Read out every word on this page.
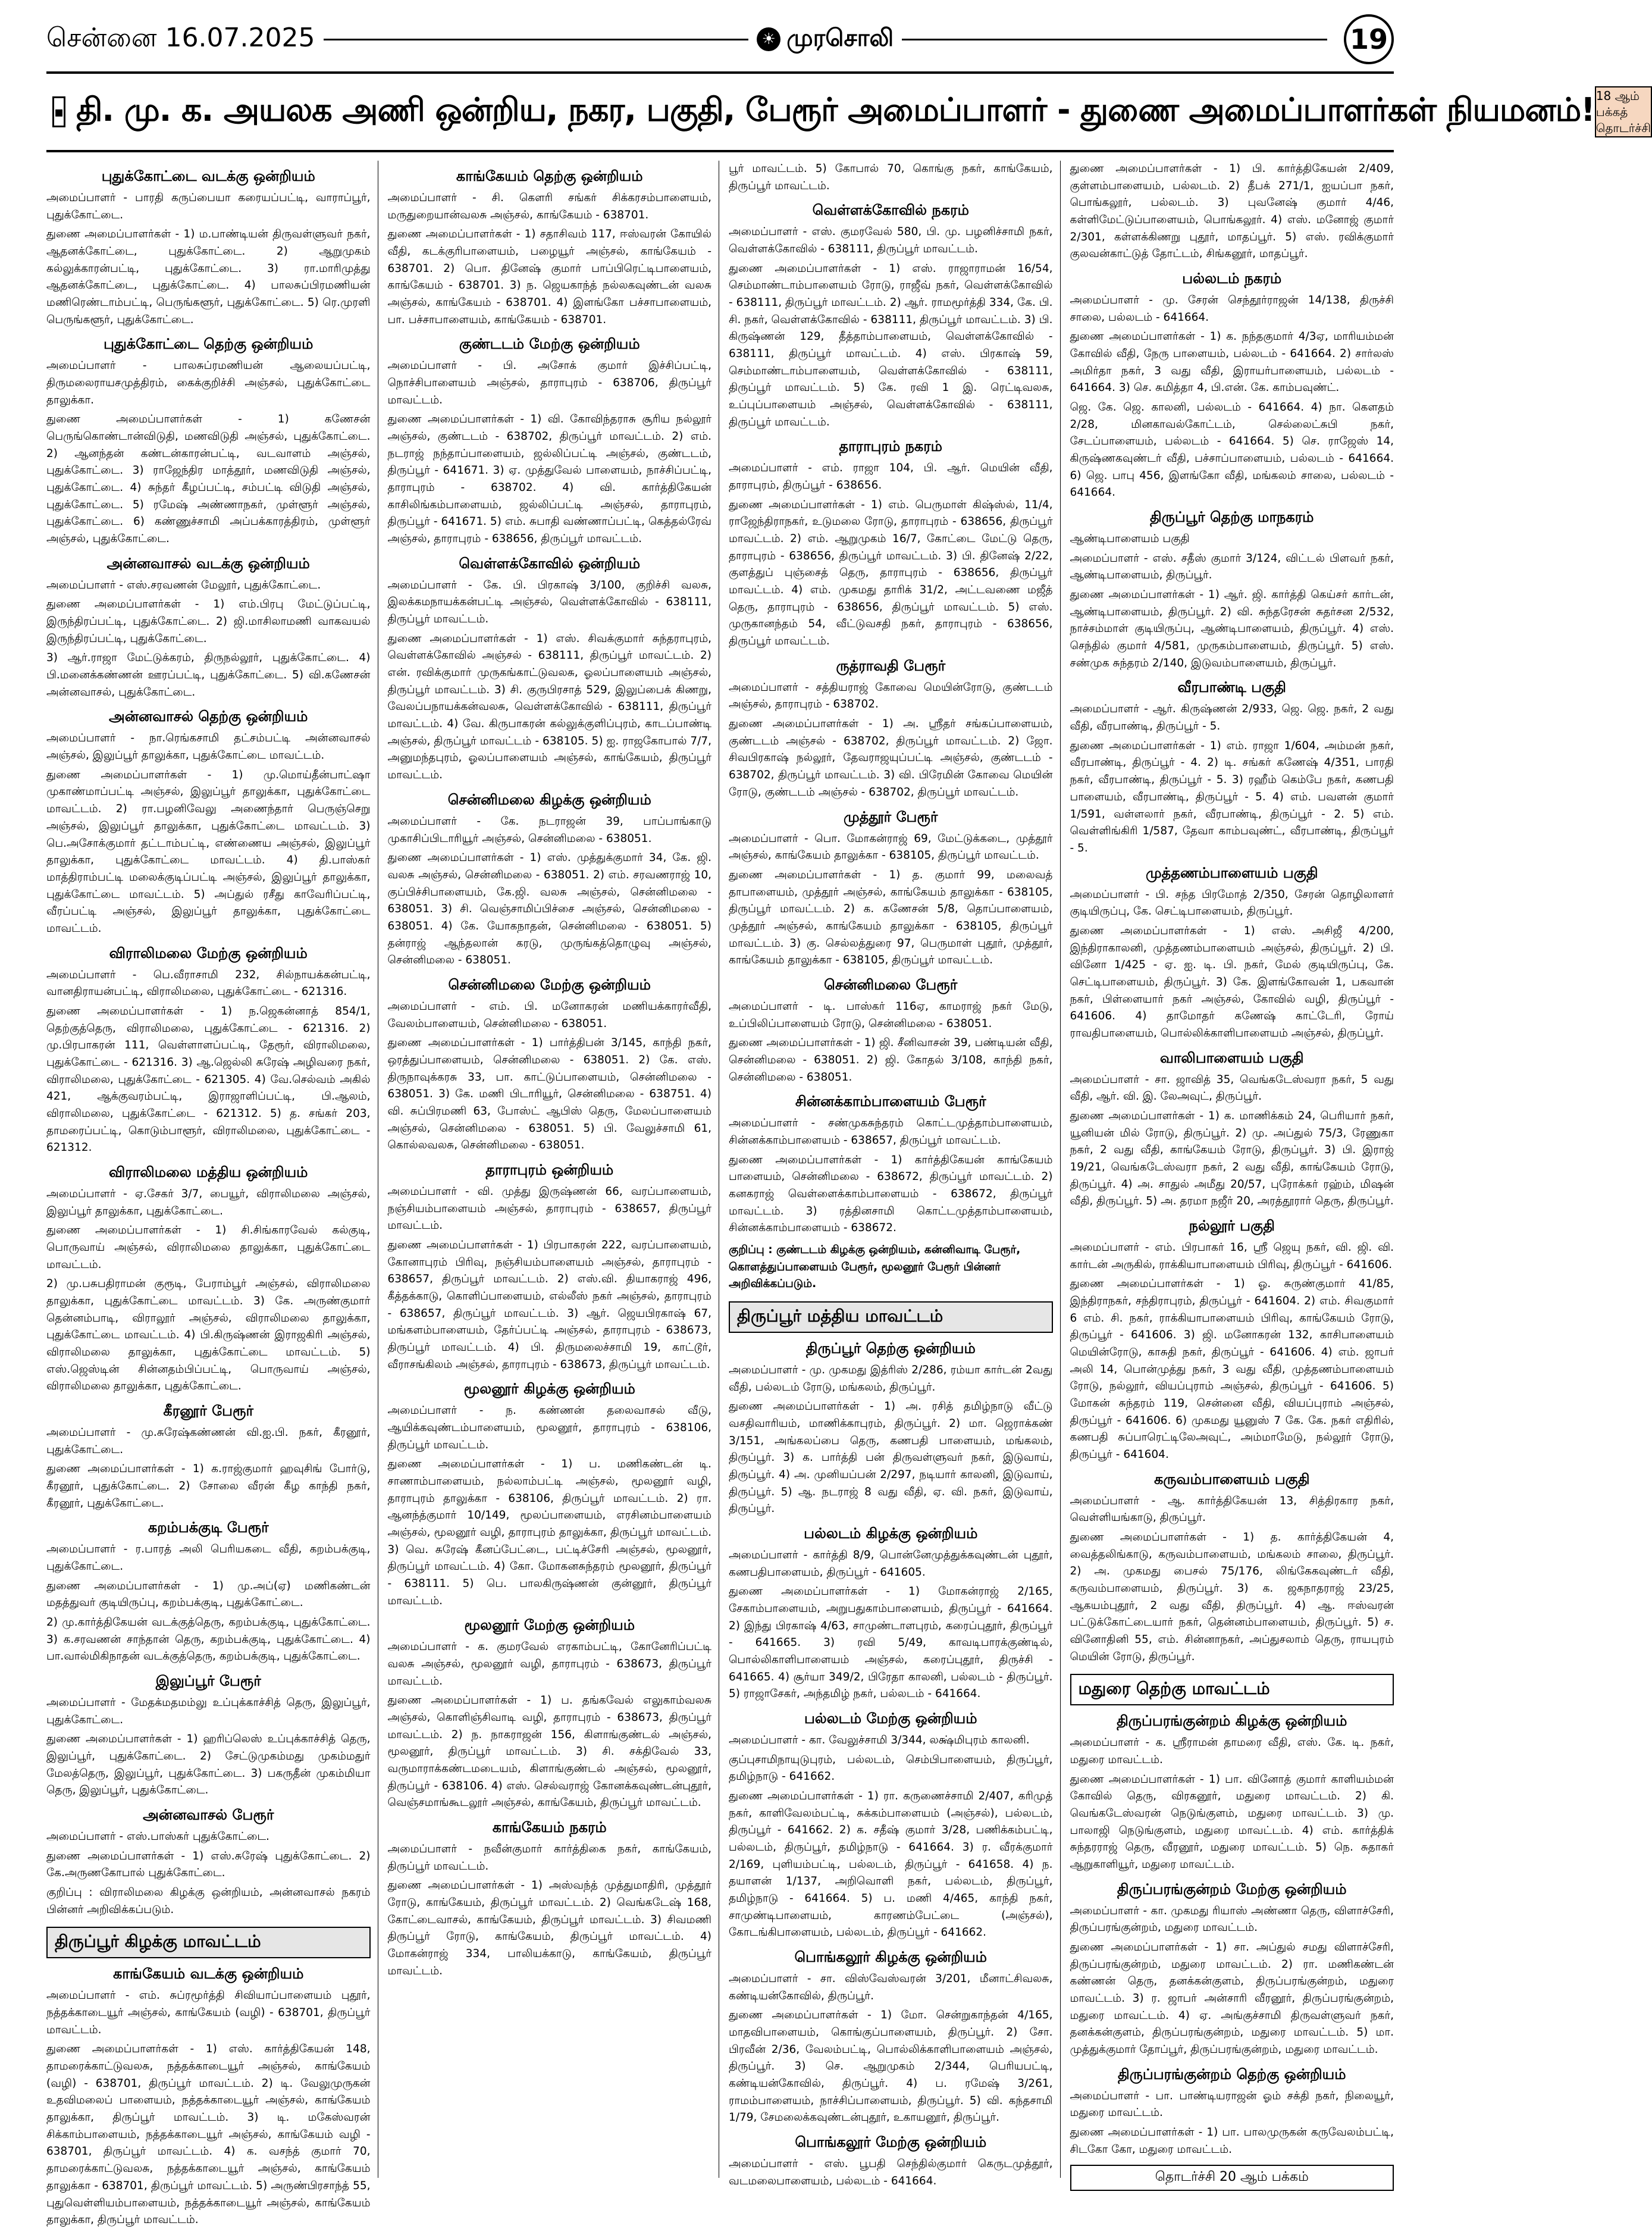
சென்னை 16.07.2025	☀ முரசொலி	19
▪ தி. மு. க. அயலக அணி ஒன்றிய, நகர, பகுதி, பேரூர் அமைப்பாளர் - துணை அமைப்பாளர்கள் நியமனம்! 18 ஆம் பக்கத்
தொடர்ச்சி
புதுக்கோட்டை வடக்கு ஒன்றியம்

அமைப்பாளர் - பாரதி கருப்பையா கரையப்பட்டி, வாராப்பூர், புதுக்கோட்டை.

துணை அமைப்பாளர்கள் - 1) ம.பாண்டியன் திருவள்ளுவர் நகர், ஆதனக்கோட்டை, புதுக்கோட்டை. 2) ஆறுமுகம் கல்லுக்காரன்பட்டி, புதுக்கோட்டை. 3) ரா.மாரிமுத்து ஆதனக்கோட்டை, புதுக்கோட்டை. 4) பாலசுப்பிரமணியன் மணிரெண்டாம்பட்டி, பெருங்களூர், புதுக்கோட்டை. 5) ரெ.முரளி பெருங்களூர், புதுக்கோட்டை.

புதுக்கோட்டை தெற்கு ஒன்றியம்

அமைப்பாளர் - பாலசுப்ரமணியன் ஆலையப்பட்டி, திருமலைராயசமுத்திரம், கைக்குறிச்சி அஞ்சல், புதுக்கோட்டை தாலுக்கா.

துணை அமைப்பாளர்கள் - 1) கணேசன் பெருங்கொண்டான்விடுதி, மணவிடுதி அஞ்சல், புதுக்கோட்டை. 2) ஆனந்தன் கண்டன்காரன்பட்டி, வடவாளம் அஞ்சல், புதுக்கோட்டை. 3) ராஜேந்திர மாத்தூர், மணவிடுதி அஞ்சல், புதுக்கோட்டை. 4) சுந்தர் கீழப்பட்டி, சம்பட்டி விடுதி அஞ்சல், புதுக்கோட்டை. 5) ரமேஷ் அண்ணாநகர், முள்ளூர் அஞ்சல், புதுக்கோட்டை. 6) கண்ணுச்சாமி அப்பக்காரத்திரம், முள்ளூர் அஞ்சல், புதுக்கோட்டை.

அன்னவாசல் வடக்கு ஒன்றியம்

அமைப்பாளர் - எஸ்.சரவணன் மேலூர், புதுக்கோட்டை.

துணை அமைப்பாளர்கள் - 1) எம்.பிரபு மேட்டுப்பட்டி, இருந்திரப்பட்டி, புதுக்கோட்டை. 2) ஜி.மாசிலாமணி வாகவயல் இருந்திரப்பட்டி, புதுக்கோட்டை.

3) ஆர்.ராஜா மேட்டுக்கரம், திருநல்லூர், புதுக்கோட்டை. 4) பி.மனைக்கண்ணன் ஊரப்பட்டி, புதுக்கோட்டை. 5) வி.கணேசன் அன்னவாசல், புதுக்கோட்டை.

அன்னவாசல் தெற்கு ஒன்றியம்

அமைப்பாளர் - நா.ரெங்கசாமி தட்சம்பட்டி அன்னவாசல் அஞ்சல், இலுப்பூர் தாலுக்கா, புதுக்கோட்டை மாவட்டம்.

துணை அமைப்பாளர்கள் - 1) மு.மொய்தீன்பாட்ஷா முகாண்மாப்பட்டி அஞ்சல், இலுப்பூர் தாலுக்கா, புதுக்கோட்டை மாவட்டம். 2) ரா.பழனிவேலு அணைந்தார் பெருஞ்செறு அஞ்சல், இலுப்பூர் தாலுக்கா, புதுக்கோட்டை மாவட்டம். 3) பெ.அசோக்குமார் தட்டாம்பட்டி, எண்ணைய அஞ்சல், இலுப்பூர் தாலுக்கா, புதுக்கோட்டை மாவட்டம். 4) தி.பாஸ்கர் மாத்திராம்பட்டி மலைக்குடிப்பட்டி அஞ்சல், இலுப்பூர் தாலுக்கா, புதுக்கோட்டை மாவட்டம். 5) அப்துல் ரசீது காவேரிப்பட்டி, வீரப்பட்டி அஞ்சல், இலுப்பூர் தாலுக்கா, புதுக்கோட்டை மாவட்டம்.

விராலிமலை மேற்கு ஒன்றியம்

அமைப்பாளர் - பெ.வீராசாமி 232, சில்நாயக்கன்பட்டி, வானதிராயன்பட்டி, விராலிமலை, புதுக்கோட்டை - 621316.

துணை அமைப்பாளர்கள் - 1) ந.ஜெகன்னாத் 854/1, தெற்குத்தெரு, விராலிமலை, புதுக்கோட்டை - 621316. 2) மு.பிரபாகரன் 111, வெள்ளாளப்பட்டி, தேரூர், விராலிமலை, புதுக்கோட்டை - 621316. 3) ஆ.ஜெல்லி சுரேஷ் அழிவரை நகர், விராலிமலை, புதுக்கோட்டை - 621305. 4) வே.செல்வம் அகில் 421, ஆக்குவரம்பட்டி, இராஜாளிப்பட்டி, பி.ஆலம், விராலிமலை, புதுக்கோட்டை - 621312. 5) த. சங்கர் 203, தாமரைப்பட்டி, கொடும்பாளூர், விராலிமலை, புதுக்கோட்டை - 621312.

விராலிமலை மத்திய ஒன்றியம்

அமைப்பாளர் - ஏ.சேகர் 3/7, பையூர், விராலிமலை அஞ்சல், இலுப்பூர் தாலுக்கா, புதுக்கோட்டை.

துணை அமைப்பாளர்கள் - 1) சி.சிங்காரவேல் கல்குடி, பொருவாய் அஞ்சல், விராலிமலை தாலுக்கா, புதுக்கோட்டை மாவட்டம்.

2) மு.பசுபதிராமன் குரூடி, பேராம்பூர் அஞ்சல், விராலிமலை தாலுக்கா, புதுக்கோட்டை மாவட்டம். 3) கே. அருண்குமார் தென்னம்பாடி, விராலூர் அஞ்சல், விராலிமலை தாலுக்கா, புதுக்கோட்டை மாவட்டம். 4) பி.கிருஷ்ணன் இராஜகிரி அஞ்சல், விராலிமலை தாலுக்கா, புதுக்கோட்டை மாவட்டம். 5) எஸ்.ஜெஸ்டின் சின்னதம்பிப்பட்டி, பொருவாய் அஞ்சல், விராலிமலை தாலுக்கா, புதுக்கோட்டை.

கீரனூர் பேரூர்

அமைப்பாளர் - மு.சுரேஷ்கண்ணன் வி.ஐ.பி. நகர், கீரனூர், புதுக்கோட்டை.

துணை அமைப்பாளர்கள் - 1) க.ராஜ்குமார் ஹவுசிங் போர்டு, கீரனூர், புதுக்கோட்டை. 2) சோலை வீரன் கீழ காந்தி நகர், கீரனூர், புதுக்கோட்டை.

கறம்பக்குடி பேரூர்

அமைப்பாளர் - ர.பாரத் அலி பெரியகடை வீதி, கறம்பக்குடி, புதுக்கோட்டை.

துணை அமைப்பாளர்கள் - 1) மு.அப்(ஏ) மணிகண்டன் மதத்துவர் குடியிருப்பு, கறம்பக்குடி, புதுக்கோட்டை.

2) மு.கார்த்திகேயன் வடக்குத்தெரு, கறம்பக்குடி, புதுக்கோட்டை. 3) க.சரவணன் சாந்தான் தெரு, கறம்பக்குடி, புதுக்கோட்டை. 4) பா.வால்மிகிநாதன் வடக்குத்தெரு, கறம்பக்குடி, புதுக்கோட்டை.

இலுப்பூர் பேரூர்

அமைப்பாளர் - மேதக்மதமம்லு உப்புக்காச்சித் தெரு, இலுப்பூர், புதுக்கோட்டை.

துணை அமைப்பாளர்கள் - 1) ஹரிப்லெஸ் உப்புக்காச்சித் தெரு, இலுப்பூர், புதுக்கோட்டை. 2) சேட்டுமுகம்மது முகம்மதுர் மேலத்தெரு, இலுப்பூர், புதுக்கோட்டை. 3) பகருதீன் முகம்மியா தெரு, இலுப்பூர், புதுக்கோட்டை.

அன்னவாசல் பேரூர்

அமைப்பாளர் - எஸ்.பாஸ்கர் புதுக்கோட்டை.

துணை அமைப்பாளர்கள் - 1) எஸ்.சுரேஷ் புதுக்கோட்டை. 2) கே.அருணகோபால் புதுக்கோட்டை.

குறிப்பு : விராலிமலை கிழக்கு ஒன்றியம், அன்னவாசல் நகரம் பின்னர் அறிவிக்கப்படும்.

திருப்பூர் கிழக்கு மாவட்டம்
காங்கேயம் வடக்கு ஒன்றியம்

அமைப்பாளர் - எம். சுப்ரமூர்த்தி சிவியாப்பாளையம் புதூர், நத்தக்காடையூர் அஞ்சல், காங்கேயம் (வழி) - 638701, திருப்பூர் மாவட்டம்.

துணை அமைப்பாளர்கள் - 1) எஸ். கார்த்திகேயன் 148, தாமரைக்காட்டுவலசு, நத்தக்காடையூர் அஞ்சல், காங்கேயம் (வழி) - 638701, திருப்பூர் மாவட்டம். 2) டி. வேலுமுருகன் உதவிமலைப் பாளையம், நத்தக்காடையூர் அஞ்சல், காங்கேயம் தாலுக்கா, திருப்பூர் மாவட்டம். 3) டி. மகேஸ்வரன் சிக்காம்பாளையம், நத்தக்காடையூர் அஞ்சல், காங்கேயம் வழி - 638701, திருப்பூர் மாவட்டம். 4) க. வசந்த் குமார் 70, தாமரைக்காட்டுவலசு, நத்தக்காடையூர் அஞ்சல், காங்கேயம் தாலுக்கா - 638701, திருப்பூர் மாவட்டம். 5) அருண்பிரசாந்த் 55, புதுவெள்ளியம்பாளையம், நத்தக்காடையூர் அஞ்சல், காங்கேயம் தாலுக்கா, திருப்பூர் மாவட்டம்.

காங்கேயம் தெற்கு ஒன்றியம்

அமைப்பாளர் - சி. கௌரி சங்கர் சிக்கரசம்பாளையம், மருதுறையான்வலசு அஞ்சல், காங்கேயம் - 638701.

துணை அமைப்பாளர்கள் - 1) சதாசிவம் 117, ஈஸ்வரன் கோயில் வீதி, கடக்குரிபாளையம், பழையூர் அஞ்சல், காங்கேயம் - 638701. 2) பொ. தினேஷ் குமார் பாப்பிரெட்டிபாளையம், காங்கேயம் - 638701. 3) ந. ஜெயகாந்த் நல்லகவுண்டன் வலசு அஞ்சல், காங்கேயம் - 638701. 4) இளங்கோ பச்சாபாளையம், பா. பச்சாபாளையம், காங்கேயம் - 638701.

குண்டடம் மேற்கு ஒன்றியம்

அமைப்பாளர் - பி. அசோக் குமார் இச்சிப்பட்டி, நொச்சிபாளையம் அஞ்சல், தாராபுரம் - 638706, திருப்பூர் மாவட்டம்.

துணை அமைப்பாளர்கள் - 1) வி. கோவிந்தராசு சூரிய நல்லூர் அஞ்சல், குண்டடம் - 638702, திருப்பூர் மாவட்டம். 2) எம். நடராஜ் நந்தாப்பாளையம், ஜல்லிப்பட்டி அஞ்சல், குண்டடம், திருப்பூர் - 641671. 3) ஏ. முத்துவேல் பாளையம், நாச்சிப்பட்டி, தாராபுரம் - 638702. 4) வி. கார்த்திகேயன் காசிலிங்கம்பாளையம், ஜல்லிப்பட்டி அஞ்சல், தாராபுரம், திருப்பூர் - 641671. 5) எம். சுபாதி வண்ணாப்பட்டி, கெத்தல்ரேவ் அஞ்சல், தாராபுரம் - 638656, திருப்பூர் மாவட்டம்.

வெள்ளக்கோவில் ஒன்றியம்

அமைப்பாளர் - கே. பி. பிரகாஷ் 3/100, குறிச்சி வலசு, இலக்கமநாயக்கன்பட்டி அஞ்சல், வெள்ளக்கோவில் - 638111, திருப்பூர் மாவட்டம்.

துணை அமைப்பாளர்கள் - 1) எஸ். சிவக்குமார் சுந்தராபுரம், வெள்ளக்கோவில் அஞ்சல் - 638111, திருப்பூர் மாவட்டம். 2) என். ரவிக்குமார் முருகங்காட்டுவலசு, ஓலப்பாளையம் அஞ்சல், திருப்பூர் மாவட்டம். 3) சி. குருபிரசாத் 529, இலுப்பைக் கிணறு, வேலப்பநாயக்கன்வலசு, வெள்ளக்கோவில் - 638111, திருப்பூர் மாவட்டம். 4) வே. கிருபாகரன் கல்லுக்குளிப்புரம், காடப்பாண்டி அஞ்சல், திருப்பூர் மாவட்டம் - 638105. 5) ஐ. ராஜகோபால் 7/7, அனுமந்தபுரம், ஓலப்பாளையம் அஞ்சல், காங்கேயம், திருப்பூர் மாவட்டம்.

சென்னிமலை கிழக்கு ஒன்றியம்

அமைப்பாளர் - கே. நடராஜன் 39, பாப்பாங்காடு முகாசிப்பிடாரியூர் அஞ்சல், சென்னிமலை - 638051.

துணை அமைப்பாளர்கள் - 1) எஸ். முத்துக்குமார் 34, கே. ஜி. வலசு அஞ்சல், சென்னிமலை - 638051. 2) எம். சரவணராஜ் 10, குப்பிச்சிபாளையம், கே.ஜி. வலசு அஞ்சல், சென்னிமலை - 638051. 3) சி. வெஞ்சாமிப்பிச்சை அஞ்சல், சென்னிமலை - 638051. 4) கே. யோகநாதன், சென்னிமலை - 638051. 5) தன்ராஜ் ஆந்தலான் கரடு, முருங்கத்தொழுவு அஞ்சல், சென்னிமலை - 638051.

சென்னிமலை மேற்கு ஒன்றியம்

அமைப்பாளர் - எம். பி. மனோகரன் மணியக்காரர்வீதி, வேலம்பாளையம், சென்னிமலை - 638051.

துணை அமைப்பாளர்கள் - 1) பார்த்திபன் 3/145, காந்தி நகர், ஒரத்துப்பாளையம், சென்னிமலை - 638051. 2) கே. எஸ். திருநாவுக்கரசு 33, பா. காட்டுப்பாளையம், சென்னிமலை - 638051. 3) கே. மணி பிடாரியூர், சென்னிமலை - 638751. 4) வி. சுப்பிரமணி 63, போஸ்ட் ஆபிஸ் தெரு, மேலப்பாளையம் அஞ்சல், சென்னிமலை - 638051. 5) பி. வேலுச்சாமி 61, கொல்லவலசு, சென்னிமலை - 638051.

தாராபுரம் ஒன்றியம்

அமைப்பாளர் - வி. முத்து இருஷ்ணன் 66, வரப்பாளையம், நஞ்சியம்பாளையம் அஞ்சல், தாராபுரம் - 638657, திருப்பூர் மாவட்டம்.

துணை அமைப்பாளர்கள் - 1) பிரபாகரன் 222, வரப்பாளையம், கோனாபுரம் பிரிவு, நஞ்சியம்பாளையம் அஞ்சல், தாராபுரம் - 638657, திருப்பூர் மாவட்டம். 2) எஸ்.வி. தியாகராஜ் 496, கீத்தக்காடு, கொளிப்பாளையம், எல்லீஸ் நகர் அஞ்சல், தாராபுரம் - 638657, திருப்பூர் மாவட்டம். 3) ஆர். ஜெயபிரகாஷ் 67, மங்களம்பாளையம், தேர்ப்பட்டி அஞ்சல், தாராபுரம் - 638673, திருப்பூர் மாவட்டம். 4) பி. திருமலைச்சாமி 19, காட்டூர், வீராசங்கிலம் அஞ்சல், தாராபுரம் - 638673, திருப்பூர் மாவட்டம்.

மூலனூர் கிழக்கு ஒன்றியம்

அமைப்பாளர் - ந. கண்ணன் தலைவாசல் வீடு, ஆயிக்கவுண்டம்பாளையம், மூலனூர், தாராபுரம் - 638106, திருப்பூர் மாவட்டம்.

துணை அமைப்பாளர்கள் - 1) ப. மணிகண்டன் டி. சாணாம்பாளையம், நல்லாம்பட்டி அஞ்சல், மூலனூர் வழி, தாராபுரம் தாலுக்கா - 638106, திருப்பூர் மாவட்டம். 2) ரா. ஆனந்த்குமார் 10/149, மூலப்பாளையம், எரசினம்பாளையம் அஞ்சல், மூலனூர் வழி, தாராபுரம் தாலுக்கா, திருப்பூர் மாவட்டம். 3) வெ. சுரேஷ் கீனப்பேட்டை, பட்டிச்சேரி அஞ்சல், மூலனூர், திருப்பூர் மாவட்டம். 4) கோ. மோகனசுந்தரம் மூலனூர், திருப்பூர் - 638111. 5) பெ. பாலகிருஷ்ணன் குன்னூர், திருப்பூர் மாவட்டம்.

மூலனூர் மேற்கு ஒன்றியம்

அமைப்பாளர் - க. குமரவேல் எரகாம்பட்டி, கோனேரிப்பட்டி வலசு அஞ்சல், மூலனூர் வழி, தாராபுரம் - 638673, திருப்பூர் மாவட்டம்.

துணை அமைப்பாளர்கள் - 1) ப. தங்கவேல் எலுகாம்வலசு அஞ்சல், கொளிஞ்சிவாடி வழி, தாராபுரம் - 638673, திருப்பூர் மாவட்டம். 2) ந. நாகராஜன் 156, கிளாங்குண்டல் அஞ்சல், மூலனூர், திருப்பூர் மாவட்டம். 3) சி. சக்திவேல் 33, வருமாராக்கண்டமடையம், கிளாங்குண்டல் அஞ்சல், மூலனூர், திருப்பூர் - 638106. 4) எஸ். செல்வராஜ் கோனக்கவுண்டன்புதூர், வெஞ்சமாங்கூடலூர் அஞ்சல், காங்கேயம், திருப்பூர் மாவட்டம்.

காங்கேயம் நகரம்

அமைப்பாளர் - நவீன்குமார் கார்த்திகை நகர், காங்கேயம், திருப்பூர் மாவட்டம்.

துணை அமைப்பாளர்கள் - 1) அஸ்வந்த் முத்துமாதிரி, முத்தூர் ரோடு, காங்கேயம், திருப்பூர் மாவட்டம். 2) வெங்கடேஷ் 168, கோட்டைவாசல், காங்கேயம், திருப்பூர் மாவட்டம். 3) சிவமணி திருப்பூர் ரோடு, காங்கேயம், திருப்பூர் மாவட்டம். 4) மோகன்ராஜ் 334, பாலியக்காடு, காங்கேயம், திருப்பூர் மாவட்டம்.

பூர் மாவட்டம். 5) கோபால் 70, கொங்கு நகர், காங்கேயம், திருப்பூர் மாவட்டம்.

வெள்ளக்கோவில் நகரம்

அமைப்பாளர் - எஸ். குமரவேல் 580, பி. மு. பழனிச்சாமி நகர், வெள்ளக்கோவில் - 638111, திருப்பூர் மாவட்டம்.

துணை அமைப்பாளர்கள் - 1) எஸ். ராஜாராமன் 16/54, செம்மாண்டாம்பாளையம் ரோடு, ராஜீவ் நகர், வெள்ளக்கோவில் - 638111, திருப்பூர் மாவட்டம். 2) ஆர். ராமமூர்த்தி 334, கே. பி. சி. நகர், வெள்ளக்கோவில் - 638111, திருப்பூர் மாவட்டம். 3) பி. கிருஷ்ணன் 129, தீத்தாம்பாளையம், வெள்ளக்கோவில் - 638111, திருப்பூர் மாவட்டம். 4) எஸ். பிரகாஷ் 59, செம்மாண்டாம்பாளையம், வெள்ளக்கோவில் - 638111, திருப்பூர் மாவட்டம். 5) கே. ரவி 1 இ. ரெட்டிவலசு, உப்புப்பாளையம் அஞ்சல், வெள்ளக்கோவில் - 638111, திருப்பூர் மாவட்டம்.

தாராபுரம் நகரம்

அமைப்பாளர் - எம். ராஜா 104, பி. ஆர். மெயின் வீதி, தாராபுரம், திருப்பூர் - 638656.

துணை அமைப்பாளர்கள் - 1) எம். பெருமாள் கிஷ்ஸ்ல், 11/4, ராஜேந்திராநகர், உடுமலை ரோடு, தாராபுரம் - 638656, திருப்பூர் மாவட்டம். 2) எம். ஆறுமுகம் 16/7, கோட்டை மேட்டு தெரு, தாராபுரம் - 638656, திருப்பூர் மாவட்டம். 3) பி. தினேஷ் 2/22, குளத்துப் புஞ்சைத் தெரு, தாராபுரம் - 638656, திருப்பூர் மாவட்டம். 4) எம். முகமது தாரிக் 31/2, அட்டவணை மஜீத் தெரு, தாராபுரம் - 638656, திருப்பூர் மாவட்டம். 5) எஸ். முருகானந்தம் 54, வீட்டுவசதி நகர், தாராபுரம் - 638656, திருப்பூர் மாவட்டம்.

ருத்ராவதி பேரூர்

அமைப்பாளர் - சத்தியராஜ் கோவை மெயின்ரோடு, குண்டடம் அஞ்சல், தாராபுரம் - 638702.

துணை அமைப்பாளர்கள் - 1) அ. ஸ்ரீதர் சங்கப்பாளையம், குண்டடம் அஞ்சல் - 638702, திருப்பூர் மாவட்டம். 2) ஜோ. சிவபிரகாஷ் நல்லூர், தேவராஜயுப்பட்டி அஞ்சல், குண்டடம் - 638702, திருப்பூர் மாவட்டம். 3) வி. பிரேமின் கோவை மெயின் ரோடு, குண்டடம் அஞ்சல் - 638702, திருப்பூர் மாவட்டம்.

முத்தூர் பேரூர்

அமைப்பாளர் - பொ. மோகன்ராஜ் 69, மேட்டுக்கடை, முத்தூர் அஞ்சல், காங்கேயம் தாலுக்கா - 638105, திருப்பூர் மாவட்டம்.

துணை அமைப்பாளர்கள் - 1) த. குமார் 99, மலைவத் தாபாளையம், முத்தூர் அஞ்சல், காங்கேயம் தாலுக்கா - 638105, திருப்பூர் மாவட்டம். 2) க. கணேசன் 5/8, தொப்பாளையம், முத்தூர் அஞ்சல், காங்கேயம் தாலுக்கா - 638105, திருப்பூர் மாவட்டம். 3) கு. செல்லத்துரை 97, பெருமாள் புதூர், முத்தூர், காங்கேயம் தாலுக்கா - 638105, திருப்பூர் மாவட்டம்.

சென்னிமலை பேரூர்

அமைப்பாளர் - டி. பாஸ்கர் 116ஏ, காமராஜ் நகர் மேடு, உப்பிலிப்பாளையம் ரோடு, சென்னிமலை - 638051.

துணை அமைப்பாளர்கள் - 1) ஜி. சீனிவாசன் 39, பண்டியன் வீதி, சென்னிமலை - 638051. 2) ஜி. கோதல் 3/108, காந்தி நகர், சென்னிமலை - 638051.

சின்னக்காம்பாளையம் பேரூர்

அமைப்பாளர் - சண்முகசுந்தரம் கொட்டமுத்தாம்பாளையம், சின்னக்காம்பாளையம் - 638657, திருப்பூர் மாவட்டம்.

துணை அமைப்பாளர்கள் - 1) கார்த்திகேயன் காங்கேயம் பாளையம், சென்னிமலை - 638672, திருப்பூர் மாவட்டம். 2) கனகராஜ் வெள்ளைக்காம்பாளையம் - 638672, திருப்பூர் மாவட்டம். 3) ரத்தினசாமி கொட்டமுத்தாம்பாளையம், சின்னக்காம்பாளையம் - 638672.

குறிப்பு : குண்டடம் கிழக்கு ஒன்றியம், கன்னிவாடி பேரூர், கொளத்துப்பாளையம் பேரூர், மூலனூர் பேரூர் பின்னர் அறிவிக்கப்படும்.
திருப்பூர் மத்திய மாவட்டம்
திருப்பூர் தெற்கு ஒன்றியம்

அமைப்பாளர் - மு. முகமது இத்ரிஸ் 2/286, ரம்யா கார்டன் 2வது வீதி, பல்லடம் ரோடு, மங்கலம், திருப்பூர்.

துணை அமைப்பாளர்கள் - 1) அ. ரசித் தமிழ்நாடு வீட்டு வசதிவாரியம், மாணிக்காபுரம், திருப்பூர். 2) மா. ஜெராக்கண் 3/151, அங்கலப்பை தெரு, கணபதி பாளையம், மங்கலம், திருப்பூர். 3) க. பார்த்தி பன் திருவள்ளுவர் நகர், இடுவாய், திருப்பூர். 4) அ. முனியப்பன் 2/297, நடியார் காலனி, இடுவாய், திருப்பூர். 5) ஆ. நடராஜ் 8 வது வீதி, ஏ. வி. நகர், இடுவாய், திருப்பூர்.

பல்லடம் கிழக்கு ஒன்றியம்

அமைப்பாளர் - கார்த்தி 8/9, பொன்னேமுத்துக்கவுண்டன் புதூர், கணபதிபாளையம், திருப்பூர் - 641605.

துணை அமைப்பாளர்கள் - 1) மோகன்ராஜ் 2/165, சேகாம்பாளையம், அறுபதுகாம்பாளையம், திருப்பூர் - 641664. 2) இந்து பிரகாஷ் 4/63, சாமுண்டாளபுரம், கரைப்புதூர், திருப்பூர் - 641665. 3) ரவி 5/49, காவடிபாரக்குண்டில், பொல்லிகாளிபாளையம் அஞ்சல், கரைப்புதூர், திருச்சி - 641665. 4) சூர்யா 349/2, பிரேதா காலனி, பல்லடம் - திருப்பூர். 5) ராஜாசேகர், அந்தமிழ் நகர், பல்லடம் - 641664.

பல்லடம் மேற்கு ஒன்றியம்

அமைப்பாளர் - கா. வேலுச்சாமி 3/344, லக்ஷ்மிபுரம் காலனி.

குப்புசாமிநாயுடுபுரம், பல்லடம், செம்பிபாளையம், திருப்பூர், தமிழ்நாடு - 641662.

துணை அமைப்பாளர்கள் - 1) ரா. கருணைச்சாமி 2/407, கரிமுத் நகர், காளிவேலம்பட்டி, சுக்கம்பாளையம் (அஞ்சல்), பல்லடம், திருப்பூர் - 641662. 2) க. சதீஷ் குமார் 3/28, பணிக்கம்பட்டி, பல்லடம், திருப்பூர், தமிழ்நாடு - 641664. 3) ர. வீரக்குமார் 2/169, புளியம்பட்டி, பல்லடம், திருப்பூர் - 641658. 4) ந. தயாளன் 1/137, அறிவொளி நகர், பல்லடம், திருப்பூர், தமிழ்நாடு - 641664. 5) ப. மணி 4/465, காந்தி நகர், சாமுண்டிபாளையம், காரணம்பேட்டை (அஞ்சல்), கோடங்கிபாளையம், பல்லடம், திருப்பூர் - 641662.

பொங்கலூர் கிழக்கு ஒன்றியம்

அமைப்பாளர் - சா. விஸ்வேஸ்வரன் 3/201, மீனாட்சிவலசு, கண்டியன்கோவில், திருப்பூர்.

துணை அமைப்பாளர்கள் - 1) மோ. சென்றுகாந்தன் 4/165, மாதவிபாளையம், கொங்குப்பாளையம், திருப்பூர். 2) சோ. பிரவீன் 2/36, வேலம்பட்டி, பொல்லிக்காளிபாளையம் அஞ்சல், திருப்பூர். 3) செ. ஆறுமுகம் 2/344, பெரியபட்டி, கண்டியன்கோவில், திருப்பூர். 4) ப. ரமேஷ் 3/261, ராமம்பாளையம், நாச்சிப்பாளையம், திருப்பூர். 5) வி. கந்தசாமி 1/79, சேமலைக்கவுண்டன்புதூர், உகாயனூர், திருப்பூர்.

பொங்கலூர் மேற்கு ஒன்றியம்

அமைப்பாளர் - எஸ். பூபதி செந்தில்குமார் கெருடமுத்தூர், வடமலைபாளையம், பல்லடம் - 641664.

துணை அமைப்பாளர்கள் - 1) பி. கார்த்திகேயன் 2/409, குள்ளம்பாளையம், பல்லடம். 2) தீபக் 271/1, ஐயப்பா நகர், பொங்கலூர், பல்லடம். 3) புவனேஷ் குமார் 4/46, கள்ளிமேட்டுப்பாளையம், பொங்கலூர். 4) எஸ். மனோஜ் குமார் 2/301, கள்ளக்கிணறு புதூர், மாதப்பூர். 5) எஸ். ரவிக்குமார் குலவன்காட்டுத் தோட்டம், சிங்கனூர், மாதப்பூர்.

பல்லடம் நகரம்

அமைப்பாளர் - மு. சேரன் செந்தூர்ராஜன் 14/138, திருச்சி சாலை, பல்லடம் - 641664.

துணை அமைப்பாளர்கள் - 1) க. நந்தகுமார் 4/3ஏ, மாரியம்மன் கோவில் வீதி, நேரு பாளையம், பல்லடம் - 641664. 2) சார்லஸ் அமிர்தா நகர், 3 வது வீதி, இராயர்பாளையம், பல்லடம் - 641664. 3) செ. சுமித்தா 4, பி.என். கே. காம்பவுண்ட்.

ஜெ. கே. ஜெ. காலனி, பல்லடம் - 641664. 4) நா. கௌதம் 2/28, மினகாவல்கோட்டம், செல்லைட்சுபி நகர், சேடப்பாளையம், பல்லடம் - 641664. 5) செ. ராஜேஸ் 14, கிருஷ்ணகவுண்டர் வீதி, பச்சாப்பாளையம், பல்லடம் - 641664. 6) ஜெ. பாபு 456, இளங்கோ வீதி, மங்கலம் சாலை, பல்லடம் - 641664.

திருப்பூர் தெற்கு மாநகரம்

ஆண்டிபாளையம் பகுதி

அமைப்பாளர் - எஸ். சதீஸ் குமார் 3/124, விட்டல் பிளவர் நகர், ஆண்டிபாளையம், திருப்பூர்.

துணை அமைப்பாளர்கள் - 1) ஆர். ஜி. கார்த்தி கெய்சர் கார்டன், ஆண்டிபாளையம், திருப்பூர். 2) வி. சுந்தரேசன் சுதர்சன 2/532, நாச்சம்மாள் குடியிருப்பு, ஆண்டிபாளையம், திருப்பூர். 4) எஸ். செந்தில் குமார் 4/581, முருகம்பாளையம், திருப்பூர். 5) எஸ். சண்முக சுந்தரம் 2/140, இடுவம்பாளையம், திருப்பூர்.

வீரபாண்டி பகுதி

அமைப்பாளர் - ஆர். கிருஷ்ணன் 2/933, ஜெ. ஜெ. நகர், 2 வது வீதி, வீரபாண்டி, திருப்பூர் - 5.

துணை அமைப்பாளர்கள் - 1) எம். ராஜா 1/604, அம்மன் நகர், வீரபாண்டி, திருப்பூர் - 4. 2) டி. சங்கர் கணேஷ் 4/351, பாரதி நகர், வீரபாண்டி, திருப்பூர் - 5. 3) ரஹீம் கெம்பே நகர், கணபதி பாளையம், வீரபாண்டி, திருப்பூர் - 5. 4) எம். பவளன் குமார் 1/591, வள்ளலார் நகர், வீரபாண்டி, திருப்பூர் - 2. 5) எம். வெள்ளிங்கிரி 1/587, தேவா காம்பவுண்ட், வீரபாண்டி, திருப்பூர் - 5.

முத்தணம்பாளையம் பகுதி

அமைப்பாளர் - பி. சந்த பிரமோத் 2/350, சேரன் தொழிலாளர் குடியிருப்பு, கே. செட்டிபாளையம், திருப்பூர்.

துணை அமைப்பாளர்கள் - 1) எஸ். அசிஜீ 4/200, இந்திராகாலனி, முத்தணம்பாளையம் அஞ்சல், திருப்பூர். 2) பி. வினோ 1/425 - ஏ. ஐ. டி. பி. நகர், மேல் குடியிருப்பு, கே. செட்டிபாளையம், திருப்பூர். 3) கே. இளங்கோவன் 1, பகவான் நகர், பிள்ளையார் நகர் அஞ்சல், கோவில் வழி, திருப்பூர் - 641606. 4) தாமோதர் கணேஷ் காட்டேரி, ரோய் ராவதிபாளையம், பொல்லிக்காளிபாளையம் அஞ்சல், திருப்பூர்.

வாலிபாளையம் பகுதி

அமைப்பாளர் - சா. ஜாவித் 35, வெங்கடேஸ்வரா நகர், 5 வது வீதி, ஆர். வி. இ. லேஅவுட், திருப்பூர்.

துணை அமைப்பாளர்கள் - 1) க. மாணிக்கம் 24, பெரியார் நகர், யூனியன் மில் ரோடு, திருப்பூர். 2) மு. அப்துல் 75/3, ரேணுகா நகர், 2 வது வீதி, காங்கேயம் ரோடு, திருப்பூர். 3) பி. இராஜ் 19/21, வெங்கடேஸ்வரா நகர், 2 வது வீதி, காங்கேயம் ரோடு, திருப்பூர். 4) அ. சாதுல் அமீது 20/57, புரோக்கர் ரஹ்ம், மிஷன் வீதி, திருப்பூர். 5) அ. தரமா நஜீர் 20, அரத்தூரார் தெரு, திருப்பூர்.

நல்லூர் பகுதி

அமைப்பாளர் - எம். பிரபாகர் 16, ஸ்ரீ ஜெயு நகர், வி. ஜி. வி. கார்டன் அருகில், ராக்கியாபாளையம் பிரிவு, திருப்பூர் - 641606.

துணை அமைப்பாளர்கள் - 1) ஓ. சுருண்குமார் 41/85, இந்திராநகர், சந்திராபுரம், திருப்பூர் - 641604. 2) எம். சிவகுமார் 6 எம். சி. நகர், ராக்கியாபாளையம் பிரிவு, காங்கேயம் ரோடு, திருப்பூர் - 641606. 3) ஜி. மனோகரன் 132, காசிபாளையம் மெயின்ரோடு, காசுதி நகர், திருப்பூர் - 641606. 4) எம். ஜாபர் அலி 14, பொன்முத்து நகர், 3 வது வீதி, முத்தணம்பாளையம் ரோடு, நல்லூர், வியப்புராம் அஞ்சல், திருப்பூர் - 641606. 5) மோகன் சுந்தரம் 119, சென்னை வீதி, வியப்புராம் அஞ்சல், திருப்பூர் - 641606. 6) முகமது யூனுஸ் 7 கே. கே. நகர் எதிரில், கணபதி சுப்பாரெட்டிலேஅவுட், அம்மாமேடு, நல்லூர் ரோடு, திருப்பூர் - 641604.

கருவம்பாளையம் பகுதி

அமைப்பாளர் - ஆ. கார்த்திகேயன் 13, சித்திரகார நகர், வெள்ளியங்காடு, திருப்பூர்.

துணை அமைப்பாளர்கள் - 1) த. கார்த்திகேயன் 4, வைத்தலிங்காடு, கருவம்பாளையம், மங்கலம் சாலை, திருப்பூர். 2) அ. முகமது பைசல் 75/176, லிங்கேகவுண்டர் வீதி, கருவம்பாளையம், திருப்பூர். 3) க. ஜகநாதராஜ் 23/25, ஆகயம்புதூர், 2 வது வீதி, திருப்பூர். 4) ஆ. ஈஸ்வரன் பட்டுக்கோட்டையார் நகர், தென்னம்பாளையம், திருப்பூர். 5) ச. வினோதினி 55, எம். சின்னாநகர், அப்துசலாம் தெரு, ராயபுரம் மெயின் ரோடு, திருப்பூர்.

மதுரை தெற்கு மாவட்டம்
திருப்பரங்குன்றம் கிழக்கு ஒன்றியம்

அமைப்பாளர் - க. ஸ்ரீராமன் தாமரை வீதி, எஸ். கே. டி. நகர், மதுரை மாவட்டம்.

துணை அமைப்பாளர்கள் - 1) பா. வினோத் குமார் காளியம்மன் கோவில் தெரு, விரகனூர், மதுரை மாவட்டம். 2) கி. வெங்கடேஸ்வரன் நெடுங்குளம், மதுரை மாவட்டம். 3) மு. பாலாஜி நெடுங்குளம், மதுரை மாவட்டம். 4) எம். கார்த்திக் சுந்தரராஜ் தெரு, வீரனூர், மதுரை மாவட்டம். 5) நெ. சுதாகர் ஆறுகாளியூர், மதுரை மாவட்டம்.

திருப்பரங்குன்றம் மேற்கு ஒன்றியம்

அமைப்பாளர் - கா. முகமது ரியாஸ் அண்ணா தெரு, விளாச்சேரி, திருப்பரங்குன்றம், மதுரை மாவட்டம்.

துணை அமைப்பாளர்கள் - 1) சா. அப்துல் சமது விளாச்சேரி, திருப்பரங்குன்றம், மதுரை மாவட்டம். 2) ரா. மணிகண்டன் கண்ணன் தெரு, தனக்கன்குளம், திருப்பரங்குன்றம், மதுரை மாவட்டம். 3) ர. ஜாபர் அன்சாரி வீரனூர், திருப்பரங்குன்றம், மதுரை மாவட்டம். 4) ஏ. அங்குச்சாமி திருவள்ளுவர் நகர், தனக்கன்குளம், திருப்பரங்குன்றம், மதுரை மாவட்டம். 5) மா. முத்துக்குமார் தோப்பூர், திருப்பரங்குன்றம், மதுரை மாவட்டம்.

திருப்பரங்குன்றம் தெற்கு ஒன்றியம்

அமைப்பாளர் - பா. பாண்டியராஜன் ஓம் சக்தி நகர், நிலையூர், மதுரை மாவட்டம்.

துணை அமைப்பாளர்கள் - 1) பா. பாலமுருகன் கருவேலம்பட்டி, சிடகோ கோ, மதுரை மாவட்டம்.

தொடர்ச்சி 20 ஆம் பக்கம்
